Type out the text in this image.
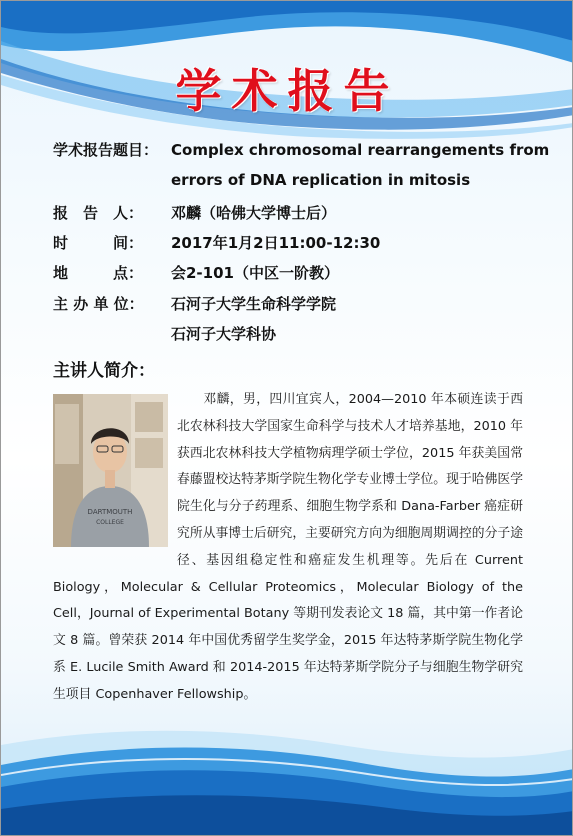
学术报告
学术报告题目： Complex chromosomal rearrangements from
errors of DNA replication in mitosis
报　告　人： 邓麟（哈佛大学博士后）
时　　　间： 2017年1月2日11:00-12:30
地　　　点： 会2-101（中区一阶教）
主 办 单 位： 石河子大学生命科学学院
石河子大学科协
主讲人简介：
DARTMOUTH
COLLEGE
邓麟，男，四川宜宾人，2004—2010 年本硕连读于西北农林科技大学国家生命科学与技术人才培养基地，2010 年获西北农林科技大学植物病理学硕士学位，2015 年获美国常春藤盟校达特茅斯学院生物化学专业博士学位。现于哈佛医学院生化与分子药理系、细胞生物学系和 Dana-Farber 癌症研究所从事博士后研究，主要研究方向为细胞周期调控的分子途径、基因组稳定性和癌症发生机理等。先后在 Current Biology，Molecular & Cellular Proteomics，Molecular Biology of the Cell，Journal of Experimental Botany 等期刊发表论文 18 篇，其中第一作者论文 8 篇。曾荣获 2014 年中国优秀留学生奖学金，2015 年达特茅斯学院生物化学系 E. Lucile Smith Award 和 2014-2015 年达特茅斯学院分子与细胞生物学研究生项目 Copenhaver Fellowship。
